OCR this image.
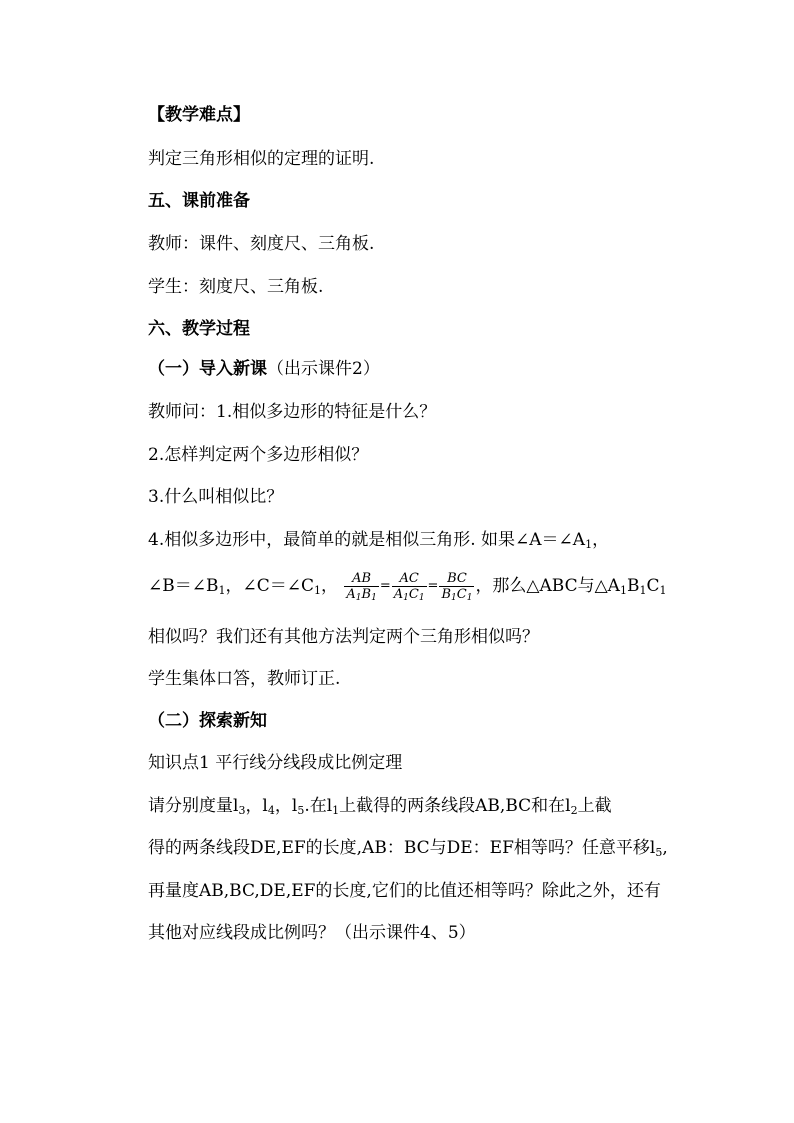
【教学难点】
判定三角形相似的定理的证明.
五、课前准备
教师：课件、刻度尺、三角板.
学生：刻度尺、三角板.
六、教学过程
（一）导入新课（出示课件2）
教师问：1.相似多边形的特征是什么？
2.怎样判定两个多边形相似？
3.什么叫相似比？
4.相似多边形中，最简单的就是相似三角形. 如果$\angle A=\angle A_1$，
$\angle B=\angle B_1$，$\angle C=\angle C_1$， $\frac{AB}{A_1B_1} = \frac{AC}{A_1C_1} = \frac{BC}{B_1C_1}$ ，那么△ABC与$\triangle A_1B_1C_1$
相似吗？我们还有其他方法判定两个三角形相似吗？
学生集体口答，教师订正.
（二）探索新知
知识点1 平行线分线段成比例定理
请分别度量$l_3$，$l_4$，$l_5$.在$l_1$上截得的两条线段AB,BC和在$l_2$上截
得的两条线段DE,EF的长度,AB：BC与DE：EF相等吗？任意平移$l_5$,
再量度AB,BC,DE,EF的长度,它们的比值还相等吗？除此之外，还有
其他对应线段成比例吗？（出示课件4、5）
